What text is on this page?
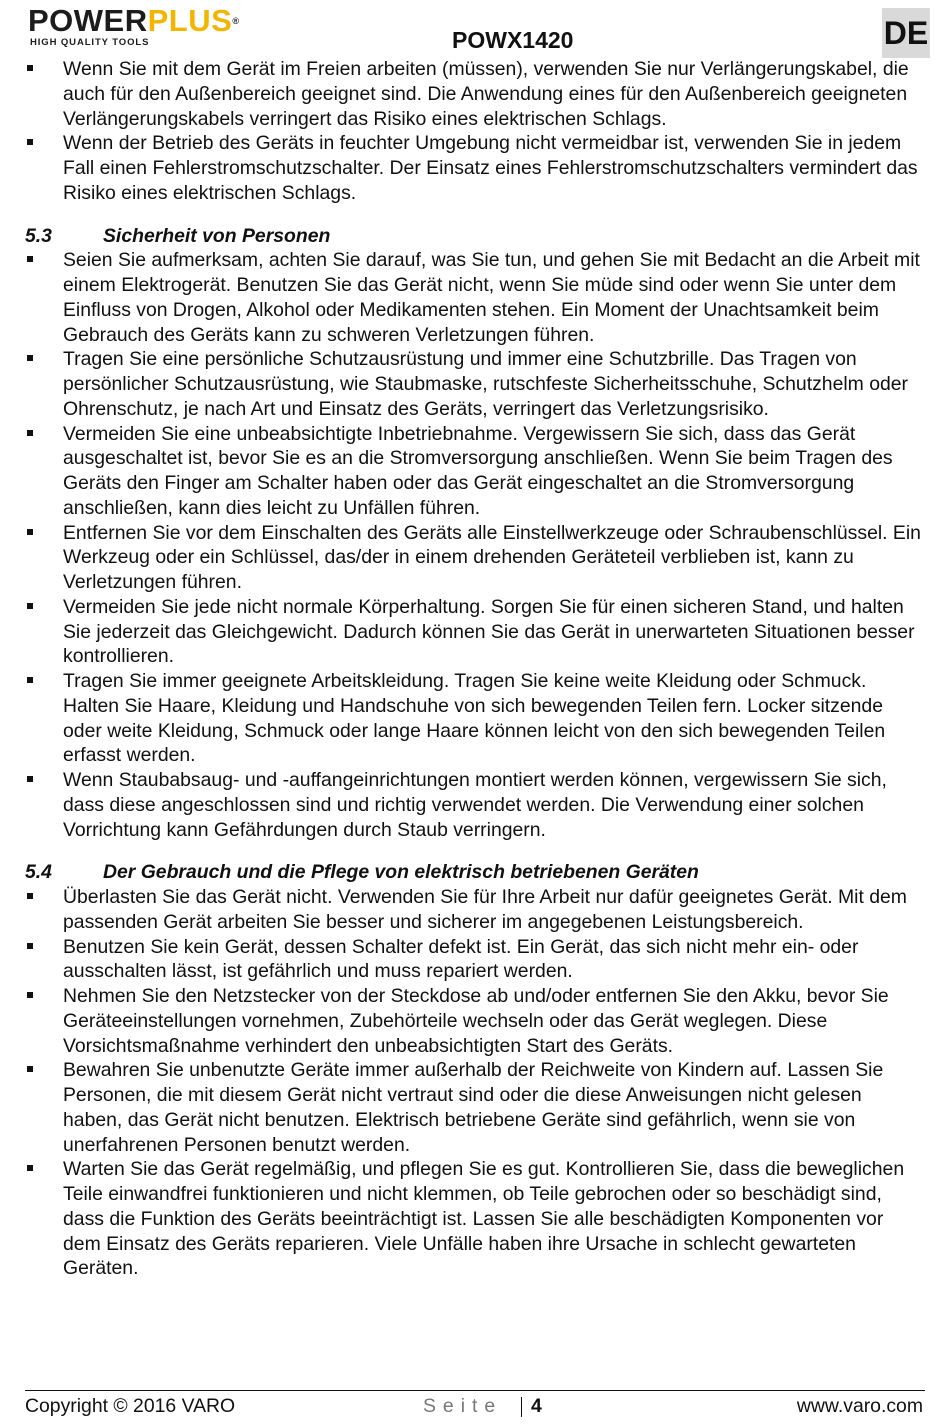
POWERPLUS®
HIGH QUALITY TOOLS	POWX1420	DE
Wenn Sie mit dem Gerät im Freien arbeiten (müssen), verwenden Sie nur Verlängerungskabel, die auch für den Außenbereich geeignet sind. Die Anwendung eines für den Außenbereich geeigneten Verlängerungskabels verringert das Risiko eines elektrischen Schlags.
Wenn der Betrieb des Geräts in feuchter Umgebung nicht vermeidbar ist, verwenden Sie in jedem Fall einen Fehlerstromschutzschalter. Der Einsatz eines Fehlerstromschutzschalters vermindert das Risiko eines elektrischen Schlags.
5.3	Sicherheit von Personen
Seien Sie aufmerksam, achten Sie darauf, was Sie tun, und gehen Sie mit Bedacht an die Arbeit mit einem Elektrogerät. Benutzen Sie das Gerät nicht, wenn Sie müde sind oder wenn Sie unter dem Einfluss von Drogen, Alkohol oder Medikamenten stehen. Ein Moment der Unachtsamkeit beim Gebrauch des Geräts kann zu schweren Verletzungen führen.
Tragen Sie eine persönliche Schutzausrüstung und immer eine Schutzbrille. Das Tragen von persönlicher Schutzausrüstung, wie Staubmaske, rutschfeste Sicherheitsschuhe, Schutzhelm oder Ohrenschutz, je nach Art und Einsatz des Geräts, verringert das Verletzungsrisiko.
Vermeiden Sie eine unbeabsichtigte Inbetriebnahme. Vergewissern Sie sich, dass das Gerät ausgeschaltet ist, bevor Sie es an die Stromversorgung anschließen. Wenn Sie beim Tragen des Geräts den Finger am Schalter haben oder das Gerät eingeschaltet an die Stromversorgung anschließen, kann dies leicht zu Unfällen führen.
Entfernen Sie vor dem Einschalten des Geräts alle Einstellwerkzeuge oder Schraubenschlüssel. Ein Werkzeug oder ein Schlüssel, das/der in einem drehenden Geräteteil verblieben ist, kann zu Verletzungen führen.
Vermeiden Sie jede nicht normale Körperhaltung. Sorgen Sie für einen sicheren Stand, und halten Sie jederzeit das Gleichgewicht. Dadurch können Sie das Gerät in unerwarteten Situationen besser kontrollieren.
Tragen Sie immer geeignete Arbeitskleidung. Tragen Sie keine weite Kleidung oder Schmuck. Halten Sie Haare, Kleidung und Handschuhe von sich bewegenden Teilen fern. Locker sitzende oder weite Kleidung, Schmuck oder lange Haare können leicht von den sich bewegenden Teilen erfasst werden.
Wenn Staubabsaug- und -auffangeinrichtungen montiert werden können, vergewissern Sie sich, dass diese angeschlossen sind und richtig verwendet werden. Die Verwendung einer solchen Vorrichtung kann Gefährdungen durch Staub verringern.
5.4	Der Gebrauch und die Pflege von elektrisch betriebenen Geräten
Überlasten Sie das Gerät nicht. Verwenden Sie für Ihre Arbeit nur dafür geeignetes Gerät. Mit dem passenden Gerät arbeiten Sie besser und sicherer im angegebenen Leistungsbereich.
Benutzen Sie kein Gerät, dessen Schalter defekt ist. Ein Gerät, das sich nicht mehr ein- oder ausschalten lässt, ist gefährlich und muss repariert werden.
Nehmen Sie den Netzstecker von der Steckdose ab und/oder entfernen Sie den Akku, bevor Sie Geräteeinstellungen vornehmen, Zubehörteile wechseln oder das Gerät weglegen. Diese Vorsichtsmaßnahme verhindert den unbeabsichtigten Start des Geräts.
Bewahren Sie unbenutzte Geräte immer außerhalb der Reichweite von Kindern auf. Lassen Sie Personen, die mit diesem Gerät nicht vertraut sind oder die diese Anweisungen nicht gelesen haben, das Gerät nicht benutzen. Elektrisch betriebene Geräte sind gefährlich, wenn sie von unerfahrenen Personen benutzt werden.
Warten Sie das Gerät regelmäßig, und pflegen Sie es gut. Kontrollieren Sie, dass die beweglichen Teile einwandfrei funktionieren und nicht klemmen, ob Teile gebrochen oder so beschädigt sind, dass die Funktion des Geräts beeinträchtigt ist. Lassen Sie alle beschädigten Komponenten vor dem Einsatz des Geräts reparieren. Viele Unfälle haben ihre Ursache in schlecht gewarteten Geräten.
Copyright © 2016 VARO	Seite 4	www.varo.com
